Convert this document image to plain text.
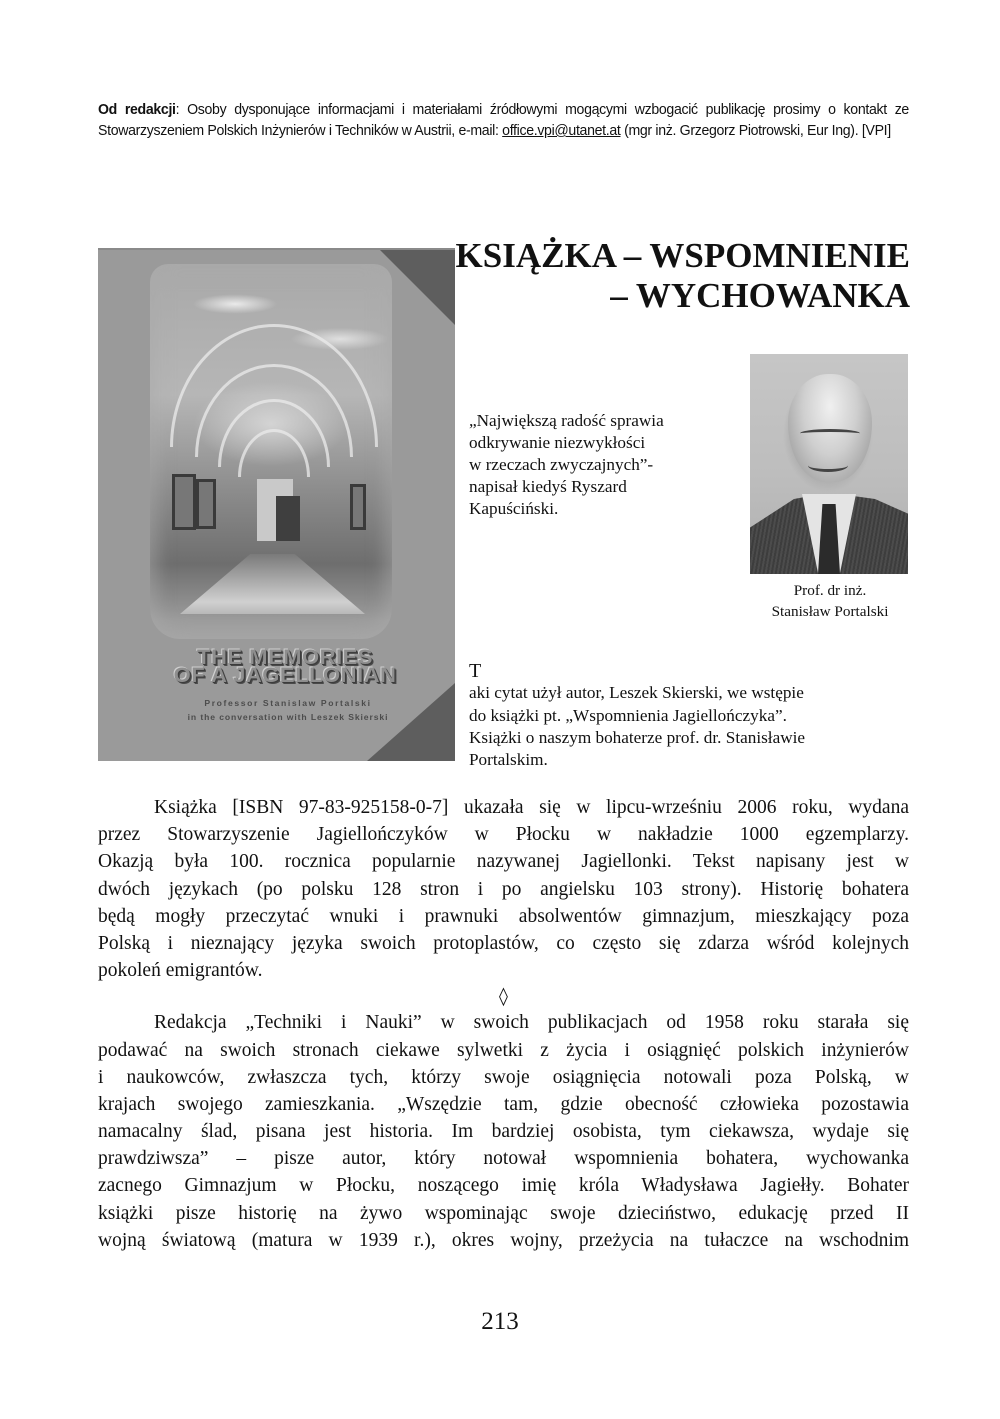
Od redakcji: Osoby dysponujące informacjami i materiałami źródłowymi mogącymi wzbogacić publikację prosimy o kontakt ze Stowarzyszeniem Polskich Inżynierów i Techników w Austrii, e-mail: office.vpi@utanet.at (mgr inż. Grzegorz Piotrowski, Eur Ing). [VPI]
KSIĄŻKA – WSPOMNIENIE
– WYCHOWANKA
THE MEMORIES
OF A JAGELLONIAN
Professor Stanislaw Portalski
in the conversation with Leszek Skierski
„Największą radość sprawia
odkrywanie niezwykłości
w rzeczach zwyczajnych”-
napisał kiedyś Ryszard
Kapuściński.
Prof. dr inż.
Stanisław Portalski
T
aki cytat użył autor, Leszek Skierski, we wstępie
do książki pt. „Wspomnienia Jagiellończyka”.
Książki o naszym bohaterze prof. dr. Stanisławie
Portalskim.
Książka [ISBN 97-83-925158-0-7] ukazała się w lipcu-wrześniu 2006 roku, wydana
przez Stowarzyszenie Jagiellończyków w Płocku w nakładzie 1000 egzemplarzy.
Okazją była 100. rocznica popularnie nazywanej Jagiellonki. Tekst napisany jest w
dwóch językach (po polsku 128 stron i po angielsku 103 strony). Historię bohatera
będą mogły przeczytać wnuki i prawnuki absolwentów gimnazjum, mieszkający poza
Polską i nieznający języka swoich protoplastów, co często się zdarza wśród kolejnych
pokoleń emigrantów.
◊
Redakcja „Techniki i Nauki” w swoich publikacjach od 1958 roku starała się
podawać na swoich stronach ciekawe sylwetki z życia i osiągnięć polskich inżynierów
i naukowców, zwłaszcza tych, którzy swoje osiągnięcia notowali poza Polską, w
krajach swojego zamieszkania. „Wszędzie tam, gdzie obecność człowieka pozostawia
namacalny ślad, pisana jest historia. Im bardziej osobista, tym ciekawsza, wydaje się
prawdziwsza” – pisze autor, który notował wspomnienia bohatera, wychowanka
zacnego Gimnazjum w Płocku, noszącego imię króla Władysława Jagiełły. Bohater
książki pisze historię na żywo wspominając swoje dzieciństwo, edukację przed II
wojną światową (matura w 1939 r.), okres wojny, przeżycia na tułaczce na wschodnim
213
